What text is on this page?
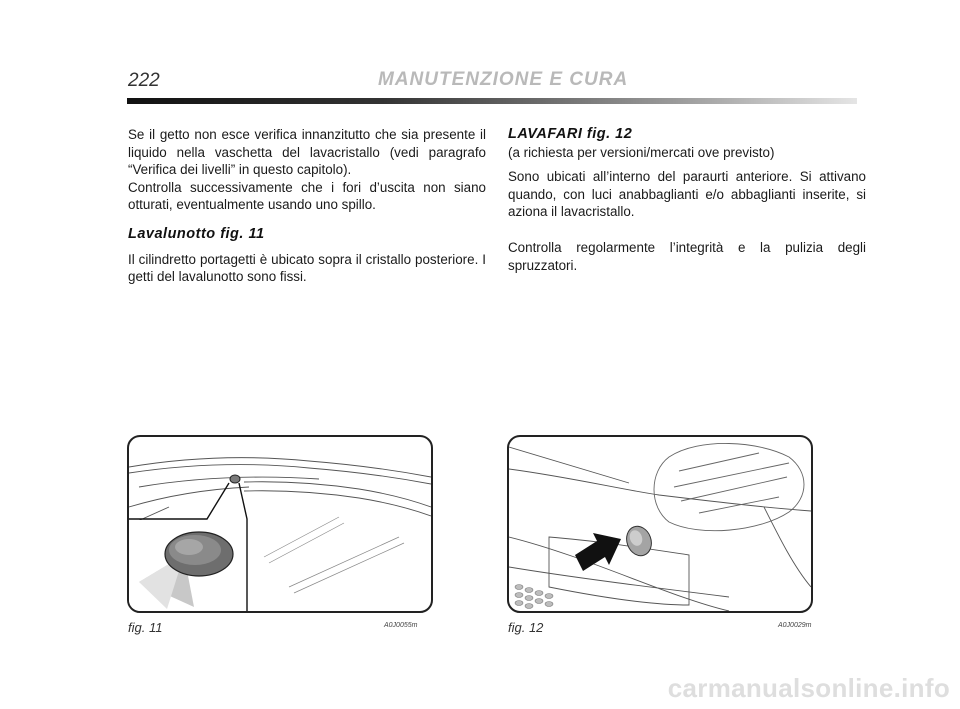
222	MANUTENZIONE E CURA

Se il getto non esce verifica innanzitutto che sia presente il liquido nella vaschetta del lavacristallo (vedi paragrafo “Verifica dei livelli” in questo capitolo).

Controlla successivamente che i fori d’uscita non siano otturati, eventualmente usando uno spillo.

Lavalunotto fig. 11

Il cilindretto portagetti è ubicato sopra il cristallo posteriore. I getti del lavalunotto sono fissi.

LAVAFARI fig. 12

(a richiesta per versioni/mercati ove previsto)

Sono ubicati all’interno del paraurti anteriore. Si attivano quando, con luci anabbaglianti e/o abbaglianti inserite, si aziona il lavacristallo.

Controlla regolarmente l’integrità e la pulizia degli spruzzatori.

fig. 11	A0J0055m	fig. 12	A0J0029m
carmanualsonline.info
